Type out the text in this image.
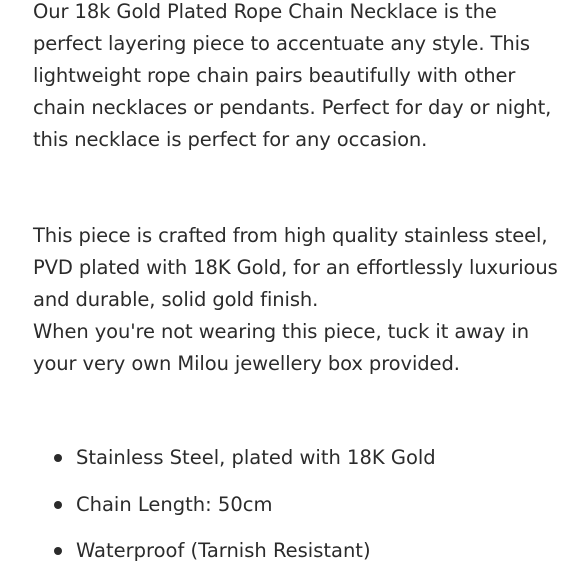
Our 18k Gold Plated Rope Chain Necklace is the
perfect layering piece to accentuate any style. This
lightweight rope chain pairs beautifully with other
chain necklaces or pendants. Perfect for day or night,
this necklace is perfect for any occasion.

This piece is crafted from high quality stainless steel,
PVD plated with 18K Gold, for an effortlessly luxurious
and durable, solid gold finish.
When you're not wearing this piece, tuck it away in
your very own Milou jewellery box provided.

Stainless Steel, plated with 18K Gold
Chain Length: 50cm
Waterproof (Tarnish Resistant)
